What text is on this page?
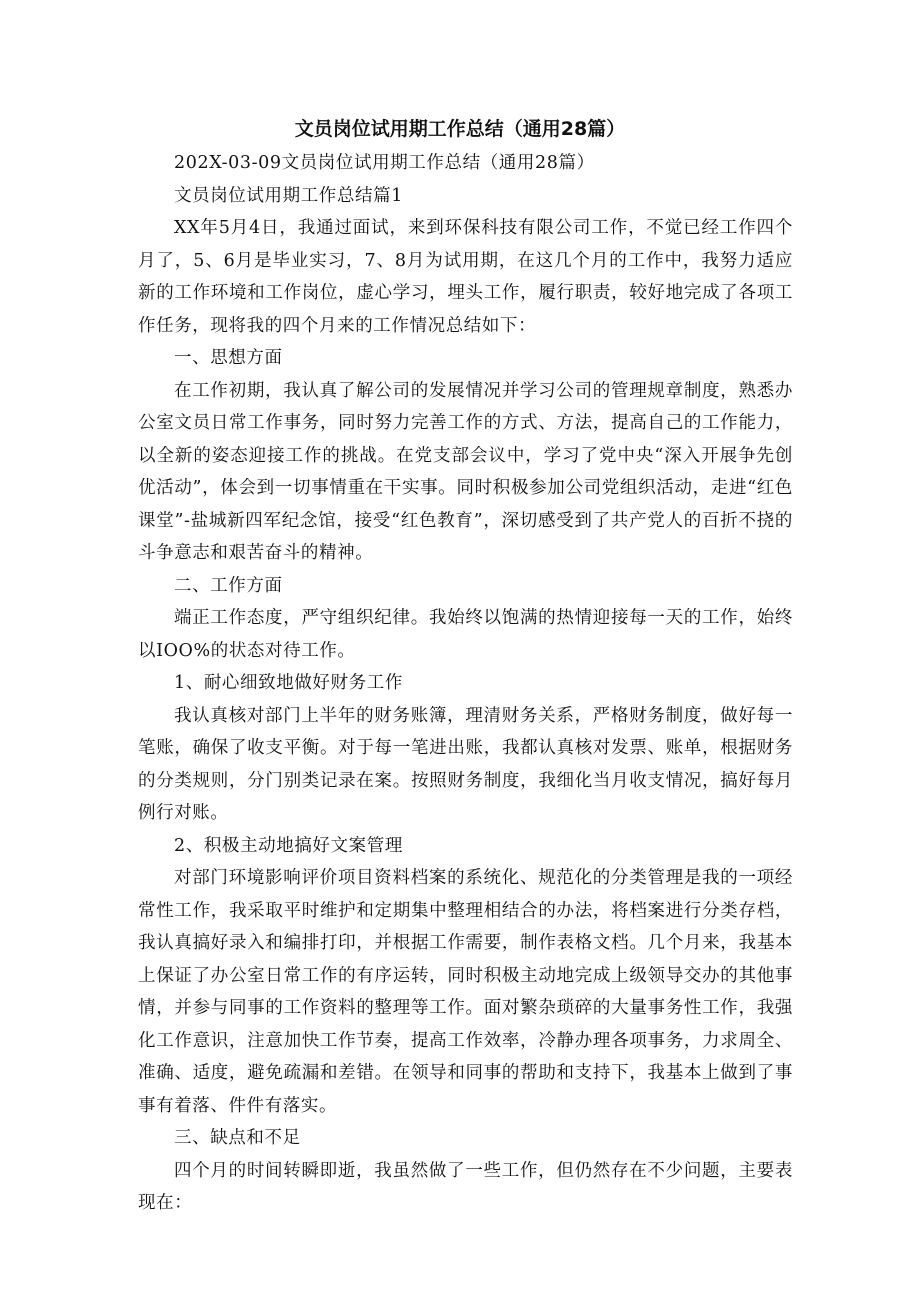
文员岗位试用期工作总结（通用28篇）
202X-03-09文员岗位试用期工作总结（通用28篇）
文员岗位试用期工作总结篇1
XX年5月4日，我通过面试，来到环保科技有限公司工作，不觉已经工作四个月了，5、6月是毕业实习，7、8月为试用期，在这几个月的工作中，我努力适应新的工作环境和工作岗位，虚心学习，埋头工作，履行职责，较好地完成了各项工作任务，现将我的四个月来的工作情况总结如下：
一、思想方面
在工作初期，我认真了解公司的发展情况并学习公司的管理规章制度，熟悉办公室文员日常工作事务，同时努力完善工作的方式、方法，提高自己的工作能力，以全新的姿态迎接工作的挑战。在党支部会议中，学习了党中央“深入开展争先创优活动”，体会到一切事情重在干实事。同时积极参加公司党组织活动，走进“红色课堂”-盐城新四军纪念馆，接受“红色教育”，深切感受到了共产党人的百折不挠的斗争意志和艰苦奋斗的精神。
二、工作方面
端正工作态度，严守组织纪律。我始终以饱满的热情迎接每一天的工作，始终以IOO%的状态对待工作。
1、耐心细致地做好财务工作
我认真核对部门上半年的财务账簿，理清财务关系，严格财务制度，做好每一笔账，确保了收支平衡。对于每一笔进出账，我都认真核对发票、账单，根据财务的分类规则，分门别类记录在案。按照财务制度，我细化当月收支情况，搞好每月例行对账。
2、积极主动地搞好文案管理
对部门环境影响评价项目资料档案的系统化、规范化的分类管理是我的一项经常性工作，我采取平时维护和定期集中整理相结合的办法，将档案进行分类存档，我认真搞好录入和编排打印，并根据工作需要，制作表格文档。几个月来，我基本上保证了办公室日常工作的有序运转，同时积极主动地完成上级领导交办的其他事情，并参与同事的工作资料的整理等工作。面对繁杂琐碎的大量事务性工作，我强化工作意识，注意加快工作节奏，提高工作效率，冷静办理各项事务，力求周全、准确、适度，避免疏漏和差错。在领导和同事的帮助和支持下，我基本上做到了事事有着落、件件有落实。
三、缺点和不足
四个月的时间转瞬即逝，我虽然做了一些工作，但仍然存在不少问题，主要表现在：
